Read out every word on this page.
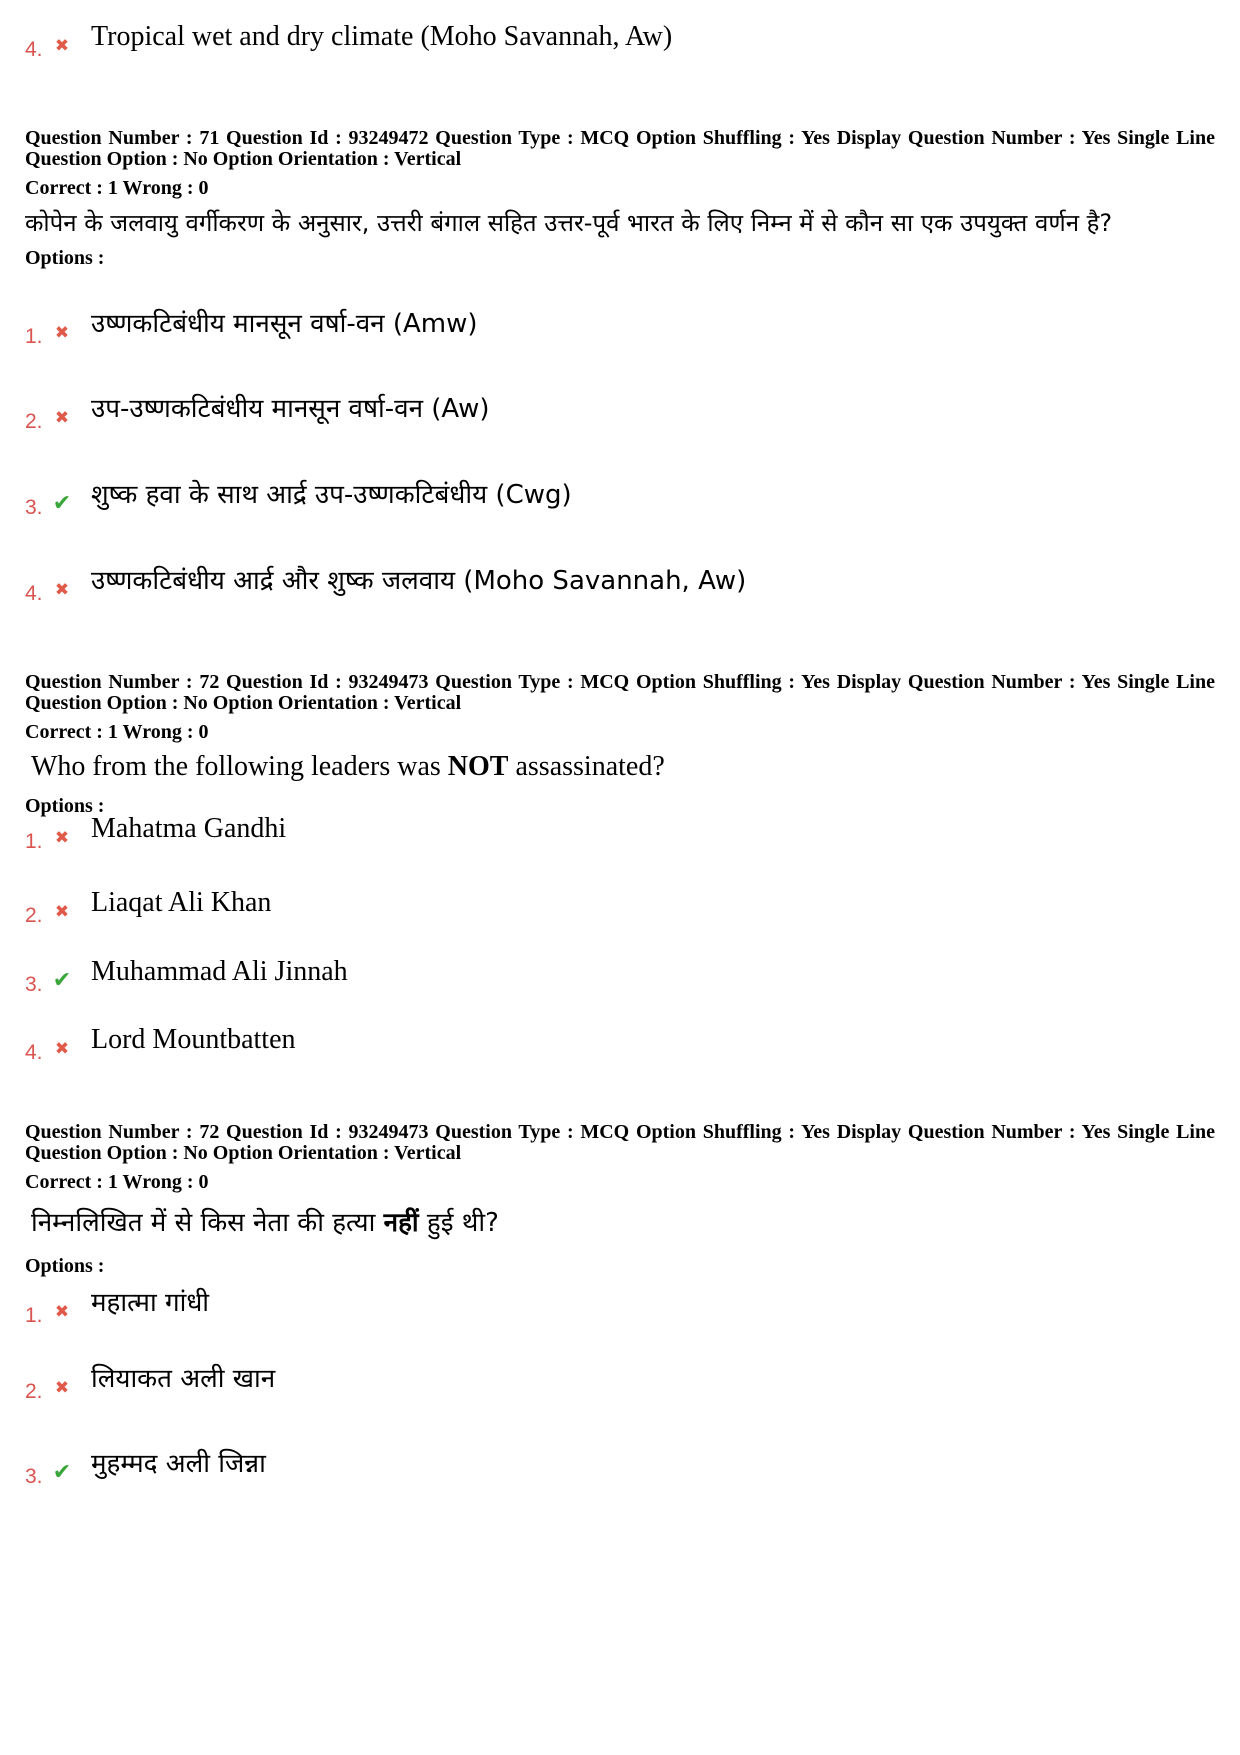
4. ✖ Tropical wet and dry climate (Moho Savannah, Aw)
Question Number : 71 Question Id : 93249472 Question Type : MCQ Option Shuffling : Yes Display Question Number : Yes Single Line Question Option : No Option Orientation : Vertical
Correct : 1 Wrong : 0
कोपेन के जलवायु वर्गीकरण के अनुसार, उत्तरी बंगाल सहित उत्तर-पूर्व भारत के लिए निम्न में से कौन सा एक उपयुक्त वर्णन है?
Options :
1. ✖ उष्णकटिबंधीय मानसून वर्षा-वन (Amw)
2. ✖ उप-उष्णकटिबंधीय मानसून वर्षा-वन (Aw)
3. ✔ शुष्क हवा के साथ आर्द्र उप-उष्णकटिबंधीय (Cwg)
4. ✖ उष्णकटिबंधीय आर्द्र और शुष्क जलवाय (Moho Savannah, Aw)
Question Number : 72 Question Id : 93249473 Question Type : MCQ Option Shuffling : Yes Display Question Number : Yes Single Line Question Option : No Option Orientation : Vertical
Correct : 1 Wrong : 0
Who from the following leaders was NOT assassinated?
Options :
1. ✖ Mahatma Gandhi
2. ✖ Liaqat Ali Khan
3. ✔ Muhammad Ali Jinnah
4. ✖ Lord Mountbatten
Question Number : 72 Question Id : 93249473 Question Type : MCQ Option Shuffling : Yes Display Question Number : Yes Single Line Question Option : No Option Orientation : Vertical
Correct : 1 Wrong : 0
निम्नलिखित में से किस नेता की हत्या नहीं हुई थी?
Options :
1. ✖ महात्मा गांधी
2. ✖ लियाकत अली खान
3. ✔ मुहम्मद अली जिन्ना
